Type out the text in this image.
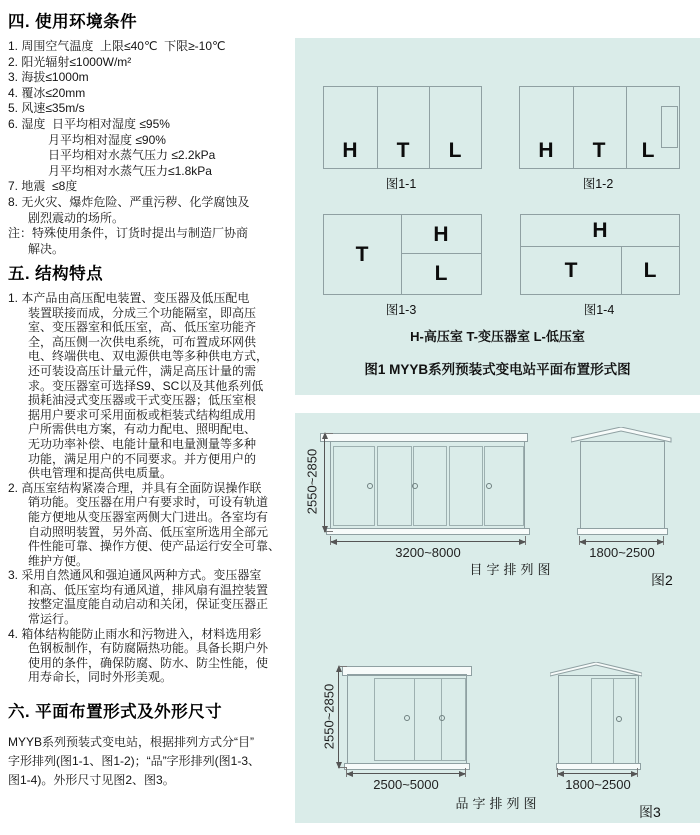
四. 使用环境条件
1. 周围空气温度  上限≤40℃  下限≥-10℃
2. 阳光辐射≤1000W/m²
3. 海拔≤1000m
4. 覆冰≤20mm
5. 风速≤35m/s
6. 湿度  日平均相对湿度 ≤95%
月平均相对湿度 ≤90%
日平均相对水蒸气压力 ≤2.2kPa
月平均相对水蒸气压力≤1.8kPa
7. 地震  ≤8度
8. 无火灾、爆炸危险、严重污秽、化学腐蚀及
剧烈震动的场所。
注：特殊使用条件，订货时提出与制造厂协商
解决。
五. 结构特点
1. 本产品由高压配电装置、变压器及低压配电
装置联接而成，分成三个功能隔室，即高压
室、变压器室和低压室，高、低压室功能齐
全，高压侧一次供电系统，可布置成环网供
电、终端供电、双电源供电等多种供电方式，
还可装设高压计量元件，满足高压计量的需
求。变压器室可选择S9、SC以及其他系列低
损耗油浸式变压器或干式变压器；低压室根
据用户要求可采用面板或柜装式结构组成用
户所需供电方案，有动力配电、照明配电、
无功功率补偿、电能计量和电量测量等多种
功能，满足用户的不同要求。并方便用户的
供电管理和提高供电质量。
2. 高压室结构紧凑合理，并具有全面防误操作联
销功能。变压器在用户有要求时，可设有轨道
能方便地从变压器室两侧大门进出。各室均有
自动照明装置，另外高、低压室所选用全部元
件性能可靠、操作方便、使产品运行安全可靠、
维护方便。
3. 采用自然通风和强迫通风两种方式。变压器室
和高、低压室均有通风道，排风扇有温控装置
按整定温度能自动启动和关闭，保证变压器正
常运行。
4. 箱体结构能防止雨水和污物进入，材料选用彩
色钢板制作，有防腐隔热功能。具备长期户外
使用的条件，确保防腐、防水、防尘性能，使
用寿命长，同时外形美观。
六. 平面布置形式及外形尺寸
MYYB系列预装式变电站，根据排列方式分“目”
字形排列(图1-1、图1-2)；“品”字形排列(图1-3、
图1-4)。外形尺寸见图2、图3。
H T L
图1-1
H T L
图1-2
T
H
L
图1-3
H
T	L
图1-4
H-高压室 T-变压器室 L-低压室
图1 MYYB系列预装式变电站平面布置形式图
2550~2850
3200~8000	1800~2500
目字排列图
图2
2550~2850
2500~5000	1800~2500
品字排列图
图3
